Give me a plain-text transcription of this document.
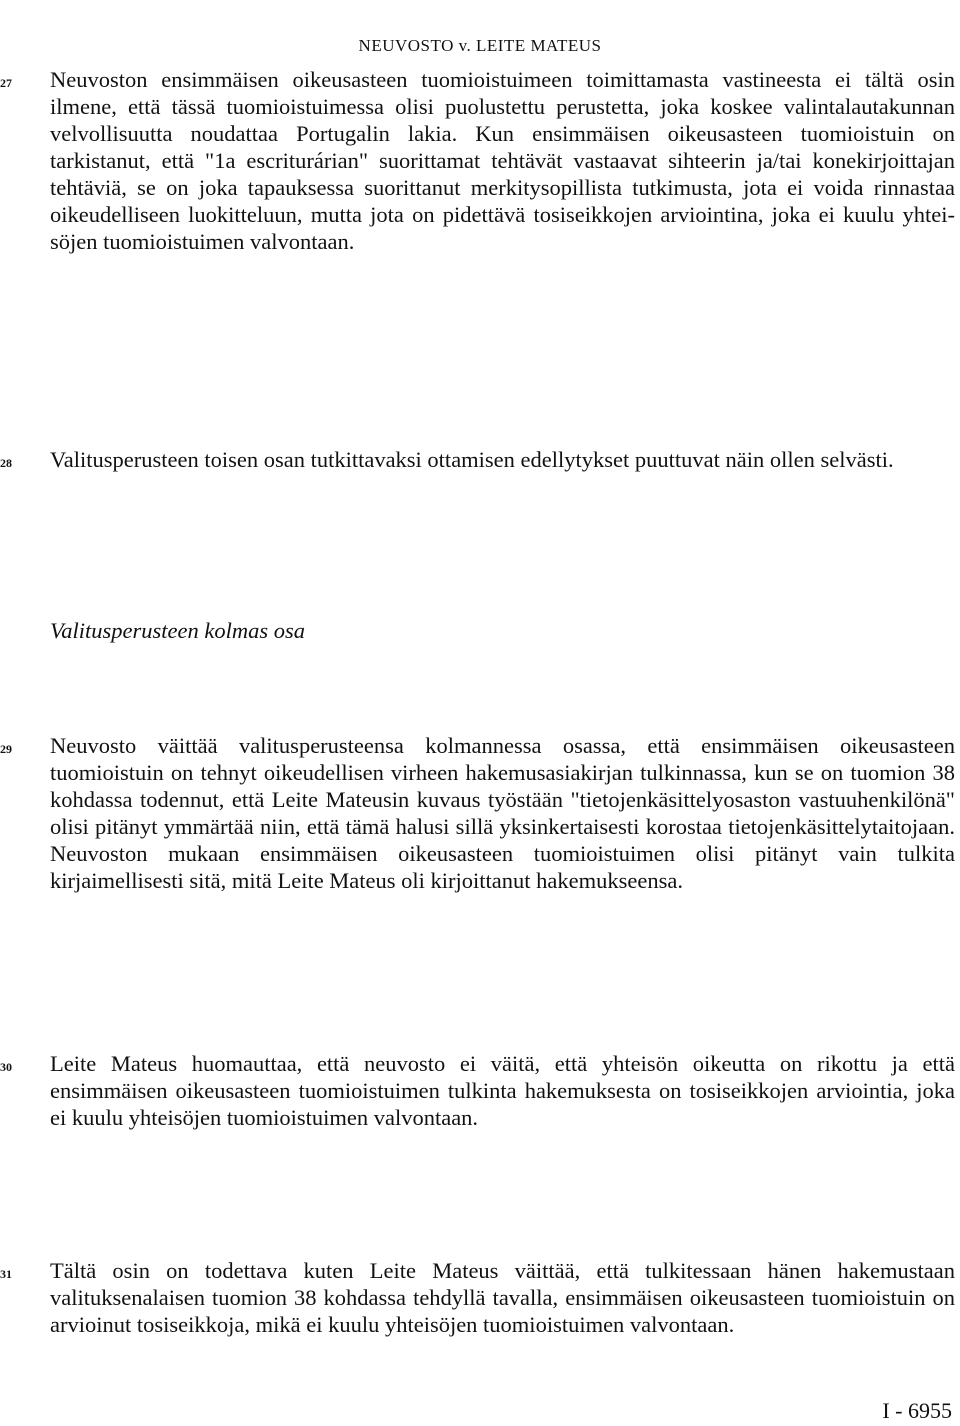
NEUVOSTO v. LEITE MATEUS
27 Neuvoston ensimmäisen oikeusasteen tuomioistuimeen toimittamasta vastineesta ei tältä osin ilmene, että tässä tuomioistuimessa olisi puolustettu perustetta, joka koskee valintalautakunnan velvollisuutta noudattaa Portugalin lakia. Kun ensimmäisen oikeusasteen tuomioistuin on tarkistanut, että "1a escriturárian" suorittamat tehtävät vastaavat sihteerin ja/tai konekirjoittajan tehtäviä, se on joka tapauksessa suorittanut merkitysopillista tutkimusta, jota ei voida rinnastaa oikeudelliseen luokitteluun, mutta jota on pidettävä tosiseikkojen arviointina, joka ei kuulu yhteisöjen tuomioistuimen valvontaan.
28 Valitusperusteen toisen osan tutkittavaksi ottamisen edellytykset puuttuvat näin ollen selvästi.
Valitusperusteen kolmas osa
29 Neuvosto väittää valitusperusteensa kolmannessa osassa, että ensimmäisen oikeusasteen tuomioistuin on tehnyt oikeudellisen virheen hakemusasiakirjan tulkinnassa, kun se on tuomion 38 kohdassa todennut, että Leite Mateusin kuvaus työstään "tietojenkäsittelyosaston vastuuhenkilönä" olisi pitänyt ymmärtää niin, että tämä halusi sillä yksinkertaisesti korostaa tietojenkäsittelytaitojaan. Neuvoston mukaan ensimmäisen oikeusasteen tuomioistuimen olisi pitänyt vain tulkita kirjaimellisesti sitä, mitä Leite Mateus oli kirjoittanut hakemukseensa.
30 Leite Mateus huomauttaa, että neuvosto ei väitä, että yhteisön oikeutta on rikottu ja että ensimmäisen oikeusasteen tuomioistuimen tulkinta hakemuksesta on tosiseikkojen arviointia, joka ei kuulu yhteisöjen tuomioistuimen valvontaan.
31 Tältä osin on todettava kuten Leite Mateus väittää, että tulkitessaan hänen hakemustaan valituksenalaisen tuomion 38 kohdassa tehdyllä tavalla, ensimmäisen oikeusasteen tuomioistuin on arvioinut tosiseikkoja, mikä ei kuulu yhteisöjen tuomioistuimen valvontaan.
I - 6955
